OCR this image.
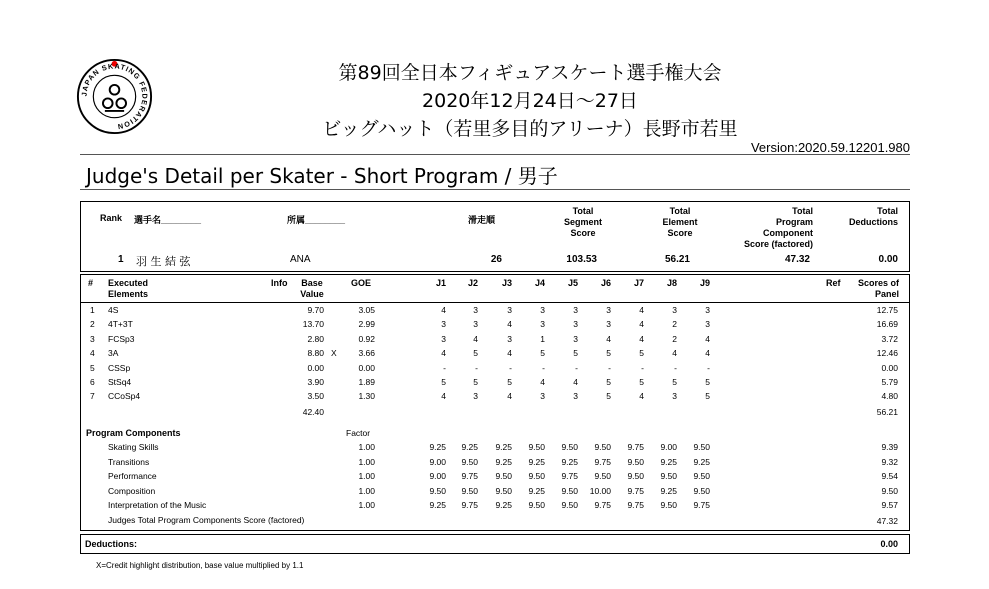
JAPAN SKATING FEDERATION
第89回全日本フィギュアスケート選手権大会
2020年12月24日～27日
ビッグハット（若里多目的アリーナ）長野市若里
Version:2020.59.12201.980
Judge's Detail per Skater - Short Program / 男子
Rank 選手名________	所属________	滑走順
Total
Segment
Score
Total
Element
Score
Total
Program
Component
Score (factored)
Total
Deductions
1 羽 生 結 弦	ANA	26	103.53	56.21	47.32	0.00
# Executed
Elements
Info	Base
Value
GOE	J1	J2	J3	J4	J5	J6	J7	J8	J9	Ref	Scores of
Panel
1 4S	9.70	3.05	4	3	3	3	3	3	4	3	3	12.75
2 4T+3T	13.70	2.99	3	3	4	3	3	3	4	2	3	16.69
3 FCSp3	2.80	0.92	3	4	3	1	3	4	4	2	4	3.72
4 3A	8.80 X	3.66	4	5	4	5	5	5	5	4	4	12.46
5 CSSp	0.00	0.00	-	-	-	-	-	-	-	-	-	0.00
6 StSq4	3.90	1.89	5	5	5	4	4	5	5	5	5	5.79
7 CCoSp4	3.50	1.30	4	3	4	3	3	5	4	3	5	4.80
42.40	56.21
Program Components	Factor
Skating Skills	1.00	9.25	9.25	9.25	9.50	9.50	9.50	9.75	9.00	9.50	9.39
Transitions	1.00	9.00	9.50	9.25	9.25	9.25	9.75	9.50	9.25	9.25	9.32
Performance	1.00	9.00	9.75	9.50	9.50	9.75	9.50	9.50	9.50	9.50	9.54
Composition	1.00	9.50	9.50	9.50	9.25	9.50	10.00	9.75	9.25	9.50	9.50
Interpretation of the Music	1.00	9.25	9.75	9.25	9.50	9.50	9.75	9.75	9.50	9.75	9.57
Judges Total Program Components Score (factored)	47.32
Deductions:	0.00
X=Credit highlight distribution, base value multiplied by 1.1
